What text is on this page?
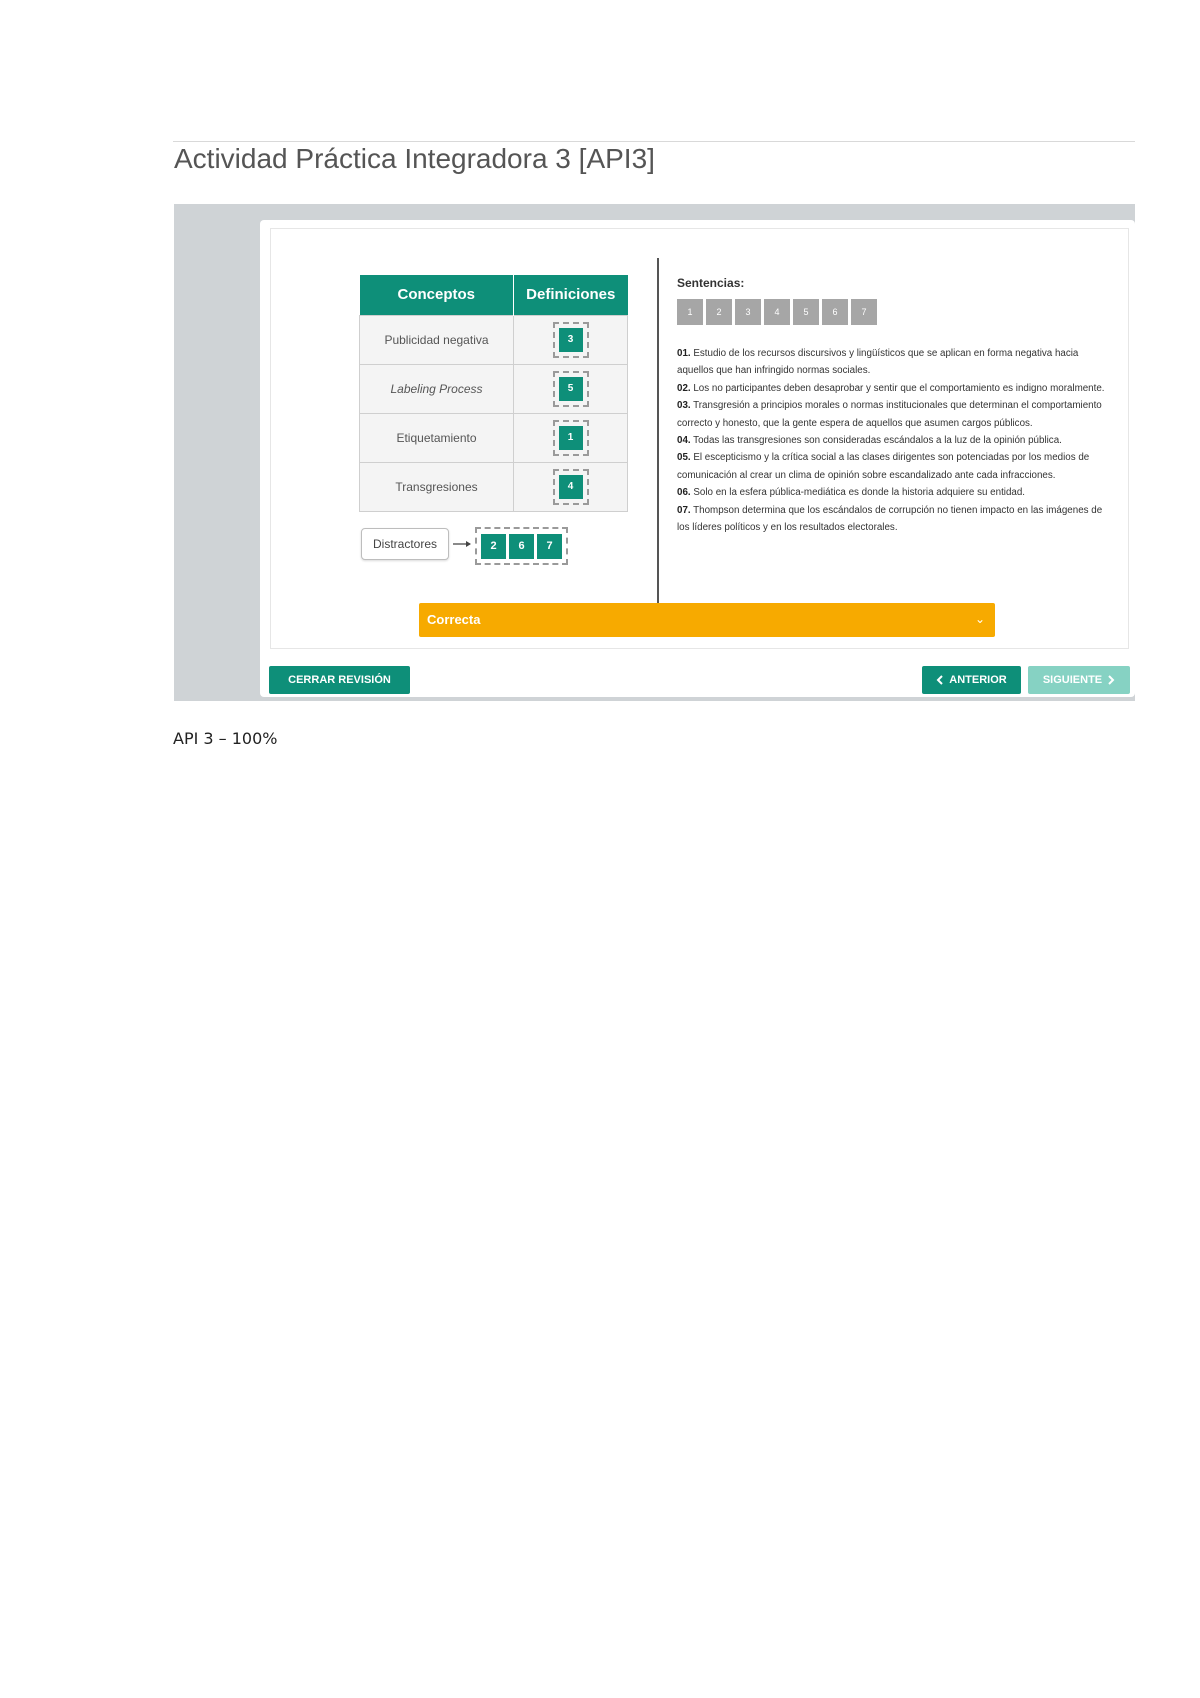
Actividad Práctica Integradora 3 [API3]
Conceptos	Definiciones
Publicidad negativa	3

Labeling Process	5

Etiquetamiento	1

Transgresiones	4
Distractores	2	6	7
Sentencias:
1	2	3	4	5	6	7
01. Estudio de los recursos discursivos y lingüísticos que se aplican en forma negativa hacia aquellos que han infringido normas sociales.
02. Los no participantes deben desaprobar y sentir que el comportamiento es indigno moralmente.
03. Transgresión a principios morales o normas institucionales que determinan el comportamiento correcto y honesto, que la gente espera de aquellos que asumen cargos públicos.
04. Todas las transgresiones son consideradas escándalos a la luz de la opinión pública.
05. El escepticismo y la crítica social a las clases dirigentes son potenciadas por los medios de comunicación al crear un clima de opinión sobre escandalizado ante cada infracciones.
06. Solo en la esfera pública-mediática es donde la historia adquiere su entidad.
07. Thompson determina que los escándalos de corrupción no tienen impacto en las imágenes de los líderes políticos y en los resultados electorales.
Correcta	⌄
CERRAR REVISIÓN	ANTERIOR	SIGUIENTE
API 3 – 100%
